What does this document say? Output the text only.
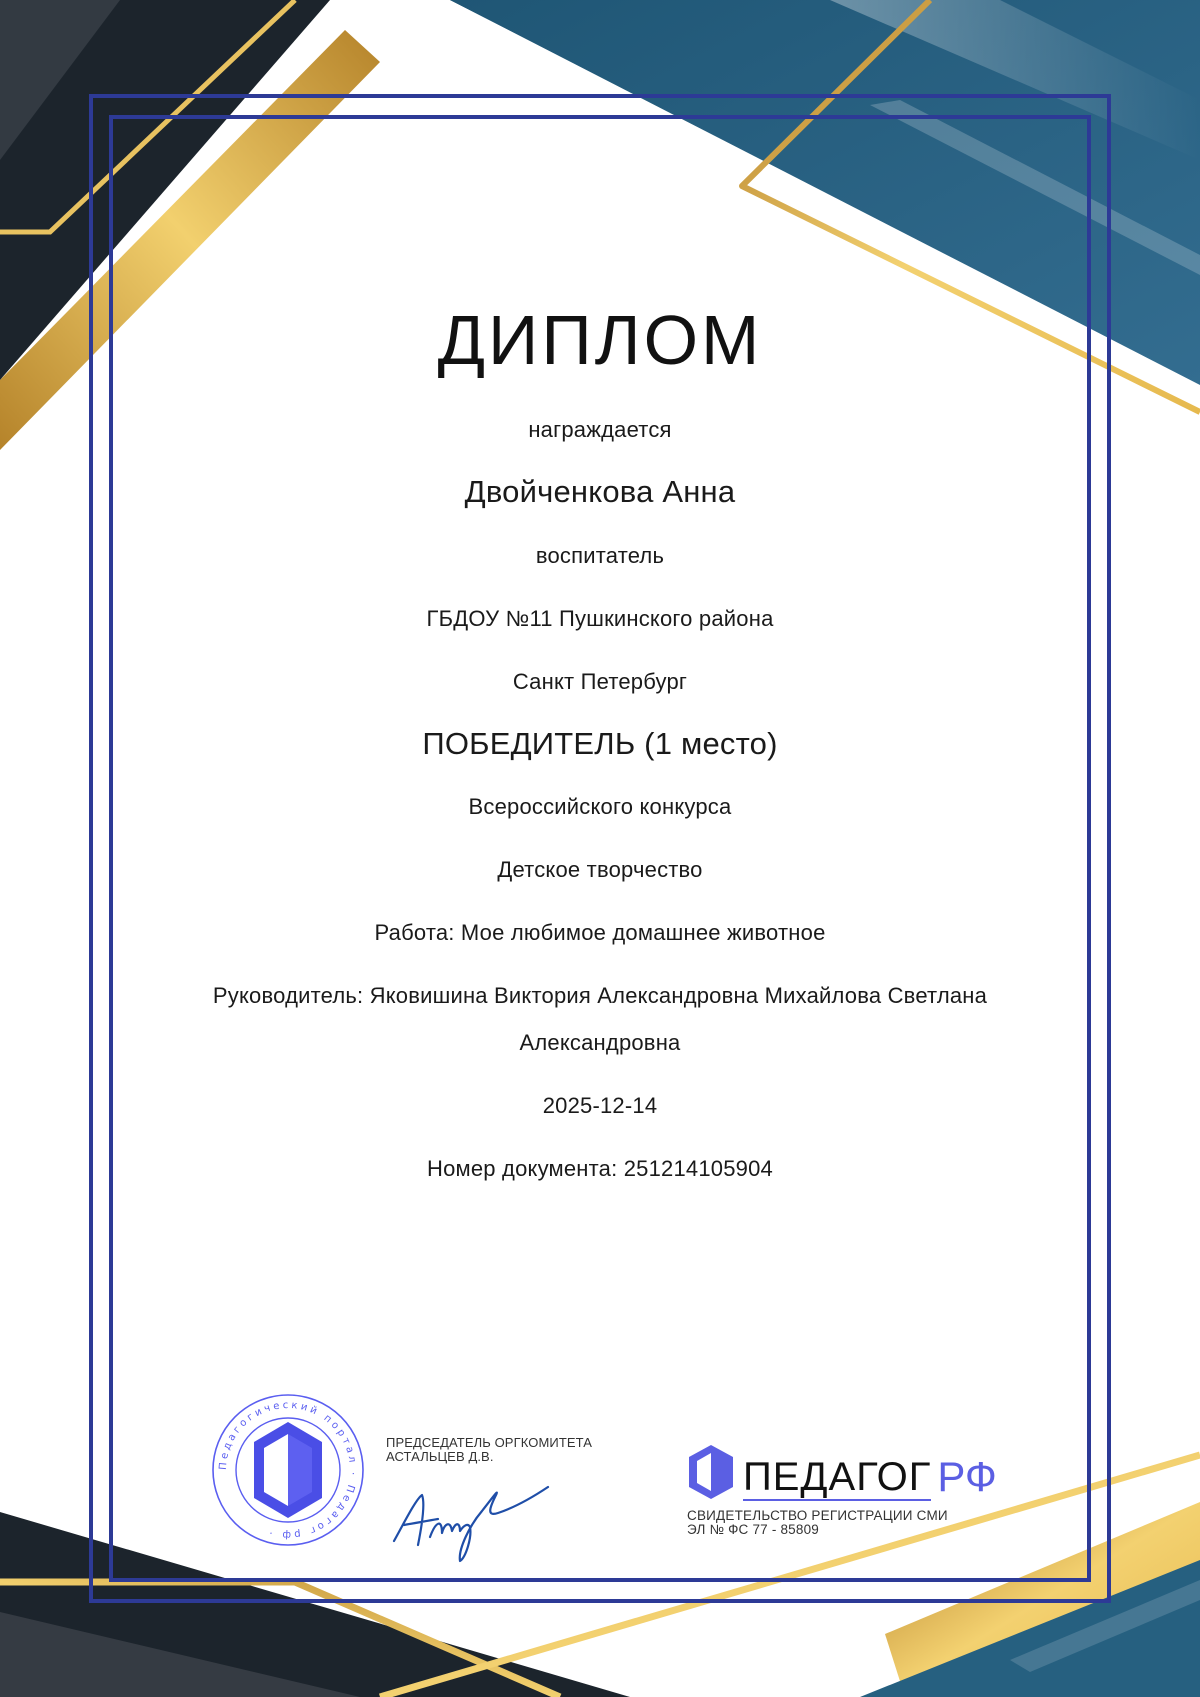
ДИПЛОМ
награждается
Двойченкова Анна
воспитатель
ГБДОУ №11 Пушкинского района
Санкт Петербург
ПОБЕДИТЕЛЬ (1 место)
Всероссийского конкурса
Детское творчество
Работа: Мое любимое домашнее животное
Руководитель: Яковишина Виктория Александровна Михайлова Светлана
Александровна
2025-12-14
Номер документа: 251214105904
Педагогический портал · Педагог рф ·
ПРЕДСЕДАТЕЛЬ ОРГКОМИТЕТА
АСТАЛЬЦЕВ Д.В.	ПЕДАГОГ РФ
СВИДЕТЕЛЬСТВО РЕГИСТРАЦИИ СМИ
ЭЛ № ФС 77 - 85809
